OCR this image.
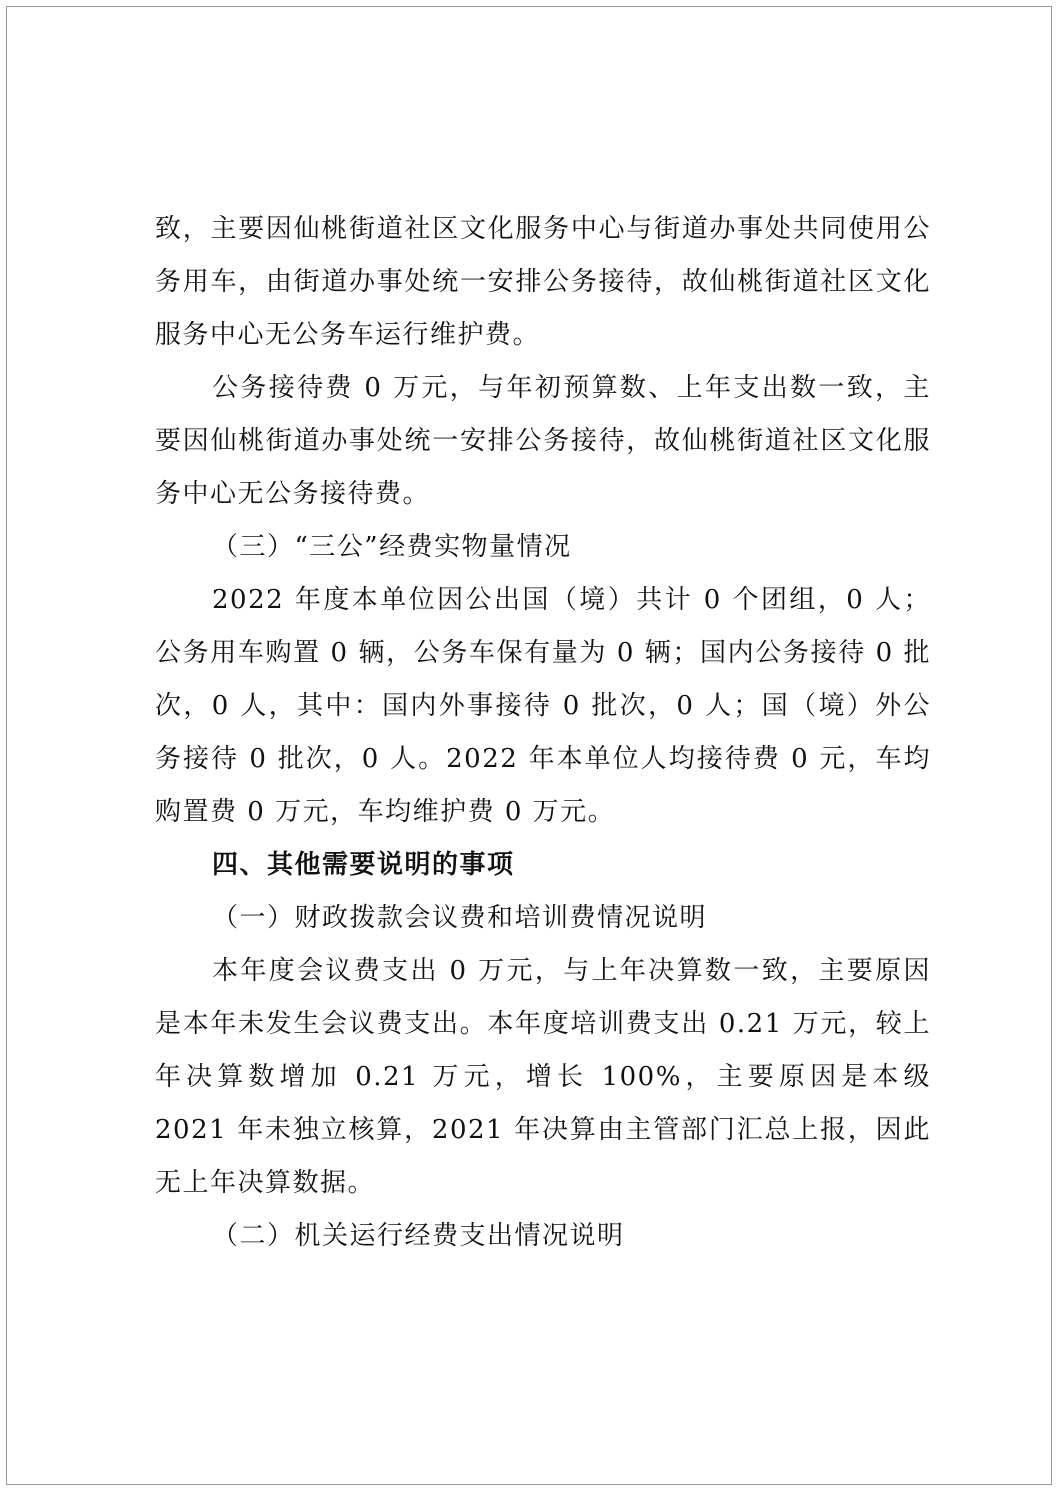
致，主要因仙桃街道社区文化服务中心与街道办事处共同使用公务用车，由街道办事处统一安排公务接待，故仙桃街道社区文化服务中心无公务车运行维护费。

公务接待费 0 万元，与年初预算数、上年支出数一致，主要因仙桃街道办事处统一安排公务接待，故仙桃街道社区文化服务中心无公务接待费。

（三）“三公”经费实物量情况

2022 年度本单位因公出国（境）共计 0 个团组，0 人；公务用车购置 0 辆，公务车保有量为 0 辆；国内公务接待 0 批次，0 人，其中：国内外事接待 0 批次，0 人；国（境）外公务接待 0 批次，0 人。2022 年本单位人均接待费 0 元，车均购置费 0 万元，车均维护费 0 万元。

四、其他需要说明的事项

（一）财政拨款会议费和培训费情况说明

本年度会议费支出 0 万元，与上年决算数一致，主要原因是本年未发生会议费支出。本年度培训费支出 0.21 万元，较上年决算数增加 0.21 万元，增长 100%，主要原因是本级 2021 年未独立核算，2021 年决算由主管部门汇总上报，因此无上年决算数据。

（二）机关运行经费支出情况说明
